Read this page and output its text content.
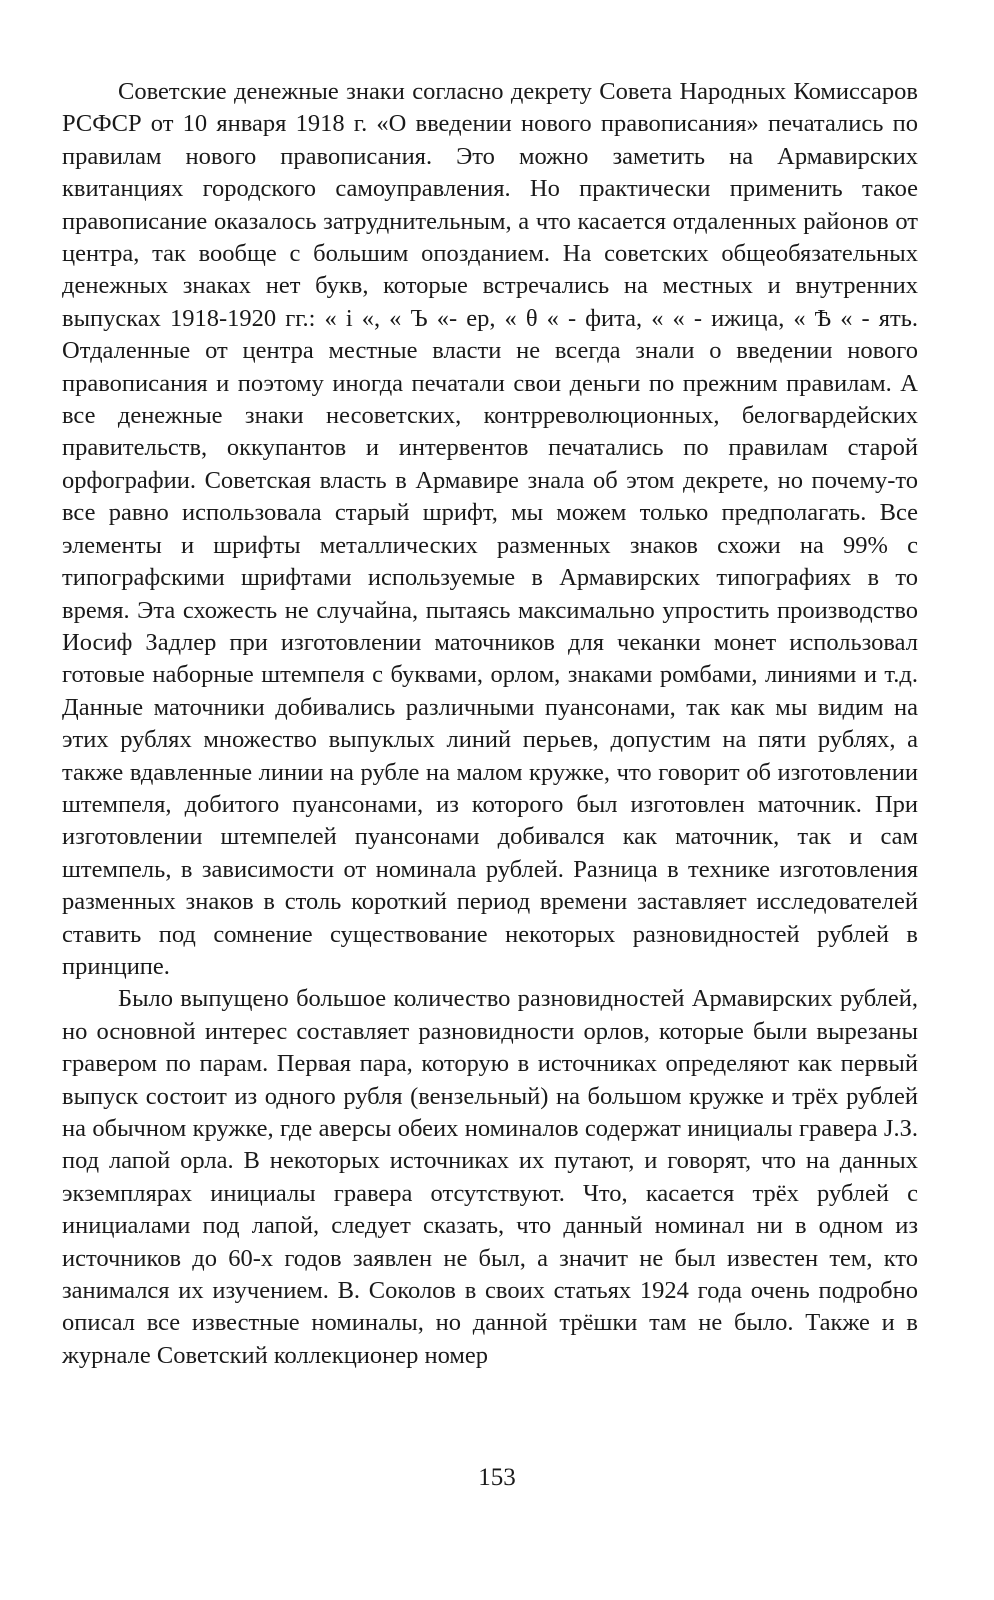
Советские денежные знаки согласно декрету Совета Народных Комиссаров РСФСР от 10 января 1918 г. «О введении нового правописания» печатались по правилам нового правописания. Это можно заметить на Армавирских квитанциях городского самоуправления. Но практически применить такое правописание оказалось затруднительным, а что касается отдаленных районов от центра, так вообще с большим опозданием. На советских общеобязательных денежных знаках нет букв, которые встречались на местных и внутренних выпусках 1918-1920 гг.: « і «, « Ъ «- ер, « θ « - фита, « « - ижица, « Ѣ « - ять. Отдаленные от центра местные власти не всегда знали о введении нового правописания и поэтому иногда печатали свои деньги по прежним правилам. А все денежные знаки несоветских, контрреволюционных, белогвардейских правительств, оккупантов и интервентов печатались по правилам старой орфографии. Советская власть в Армавире знала об этом декрете, но почему-то все равно использовала старый шрифт, мы можем только предполагать. Все элементы и шрифты металлических разменных знаков схожи на 99% с типографскими шрифтами используемые в Армавирских типографиях в то время. Эта схожесть не случайна, пытаясь максимально упростить производство Иосиф Задлер при изготовлении маточников для чеканки монет использовал готовые наборные штемпеля с буквами, орлом, знаками ромбами, линиями и т.д. Данные маточники добивались различными пуансонами, так как мы видим на этих рублях множество выпуклых линий перьев, допустим на пяти рублях, а также вдавленные линии на рубле на малом кружке, что говорит об изготовлении штемпеля, добитого пуансонами, из которого был изготовлен маточник. При изготовлении штемпелей пуансонами добивался как маточник, так и сам штемпель, в зависимости от номинала рублей. Разница в технике изготовления разменных знаков в столь короткий период времени заставляет исследователей ставить под сомнение существование некоторых разновидностей рублей в принципе.

Было выпущено большое количество разновидностей Армавирских рублей, но основной интерес составляет разновидности орлов, которые были вырезаны гравером по парам. Первая пара, которую в источниках определяют как первый выпуск состоит из одного рубля (вензельный) на большом кружке и трёх рублей на обычном кружке, где аверсы обеих номиналов содержат инициалы гравера J.З. под лапой орла. В некоторых источниках их путают, и говорят, что на данных экземплярах инициалы гравера отсутствуют. Что, касается трёх рублей с инициалами под лапой, следует сказать, что данный номинал ни в одном из источников до 60-х годов заявлен не был, а значит не был известен тем, кто занимался их изучением. В. Соколов в своих статьях 1924 года очень подробно описал все известные номиналы, но данной трёшки там не было. Также и в журнале Советский коллекционер номер

153
